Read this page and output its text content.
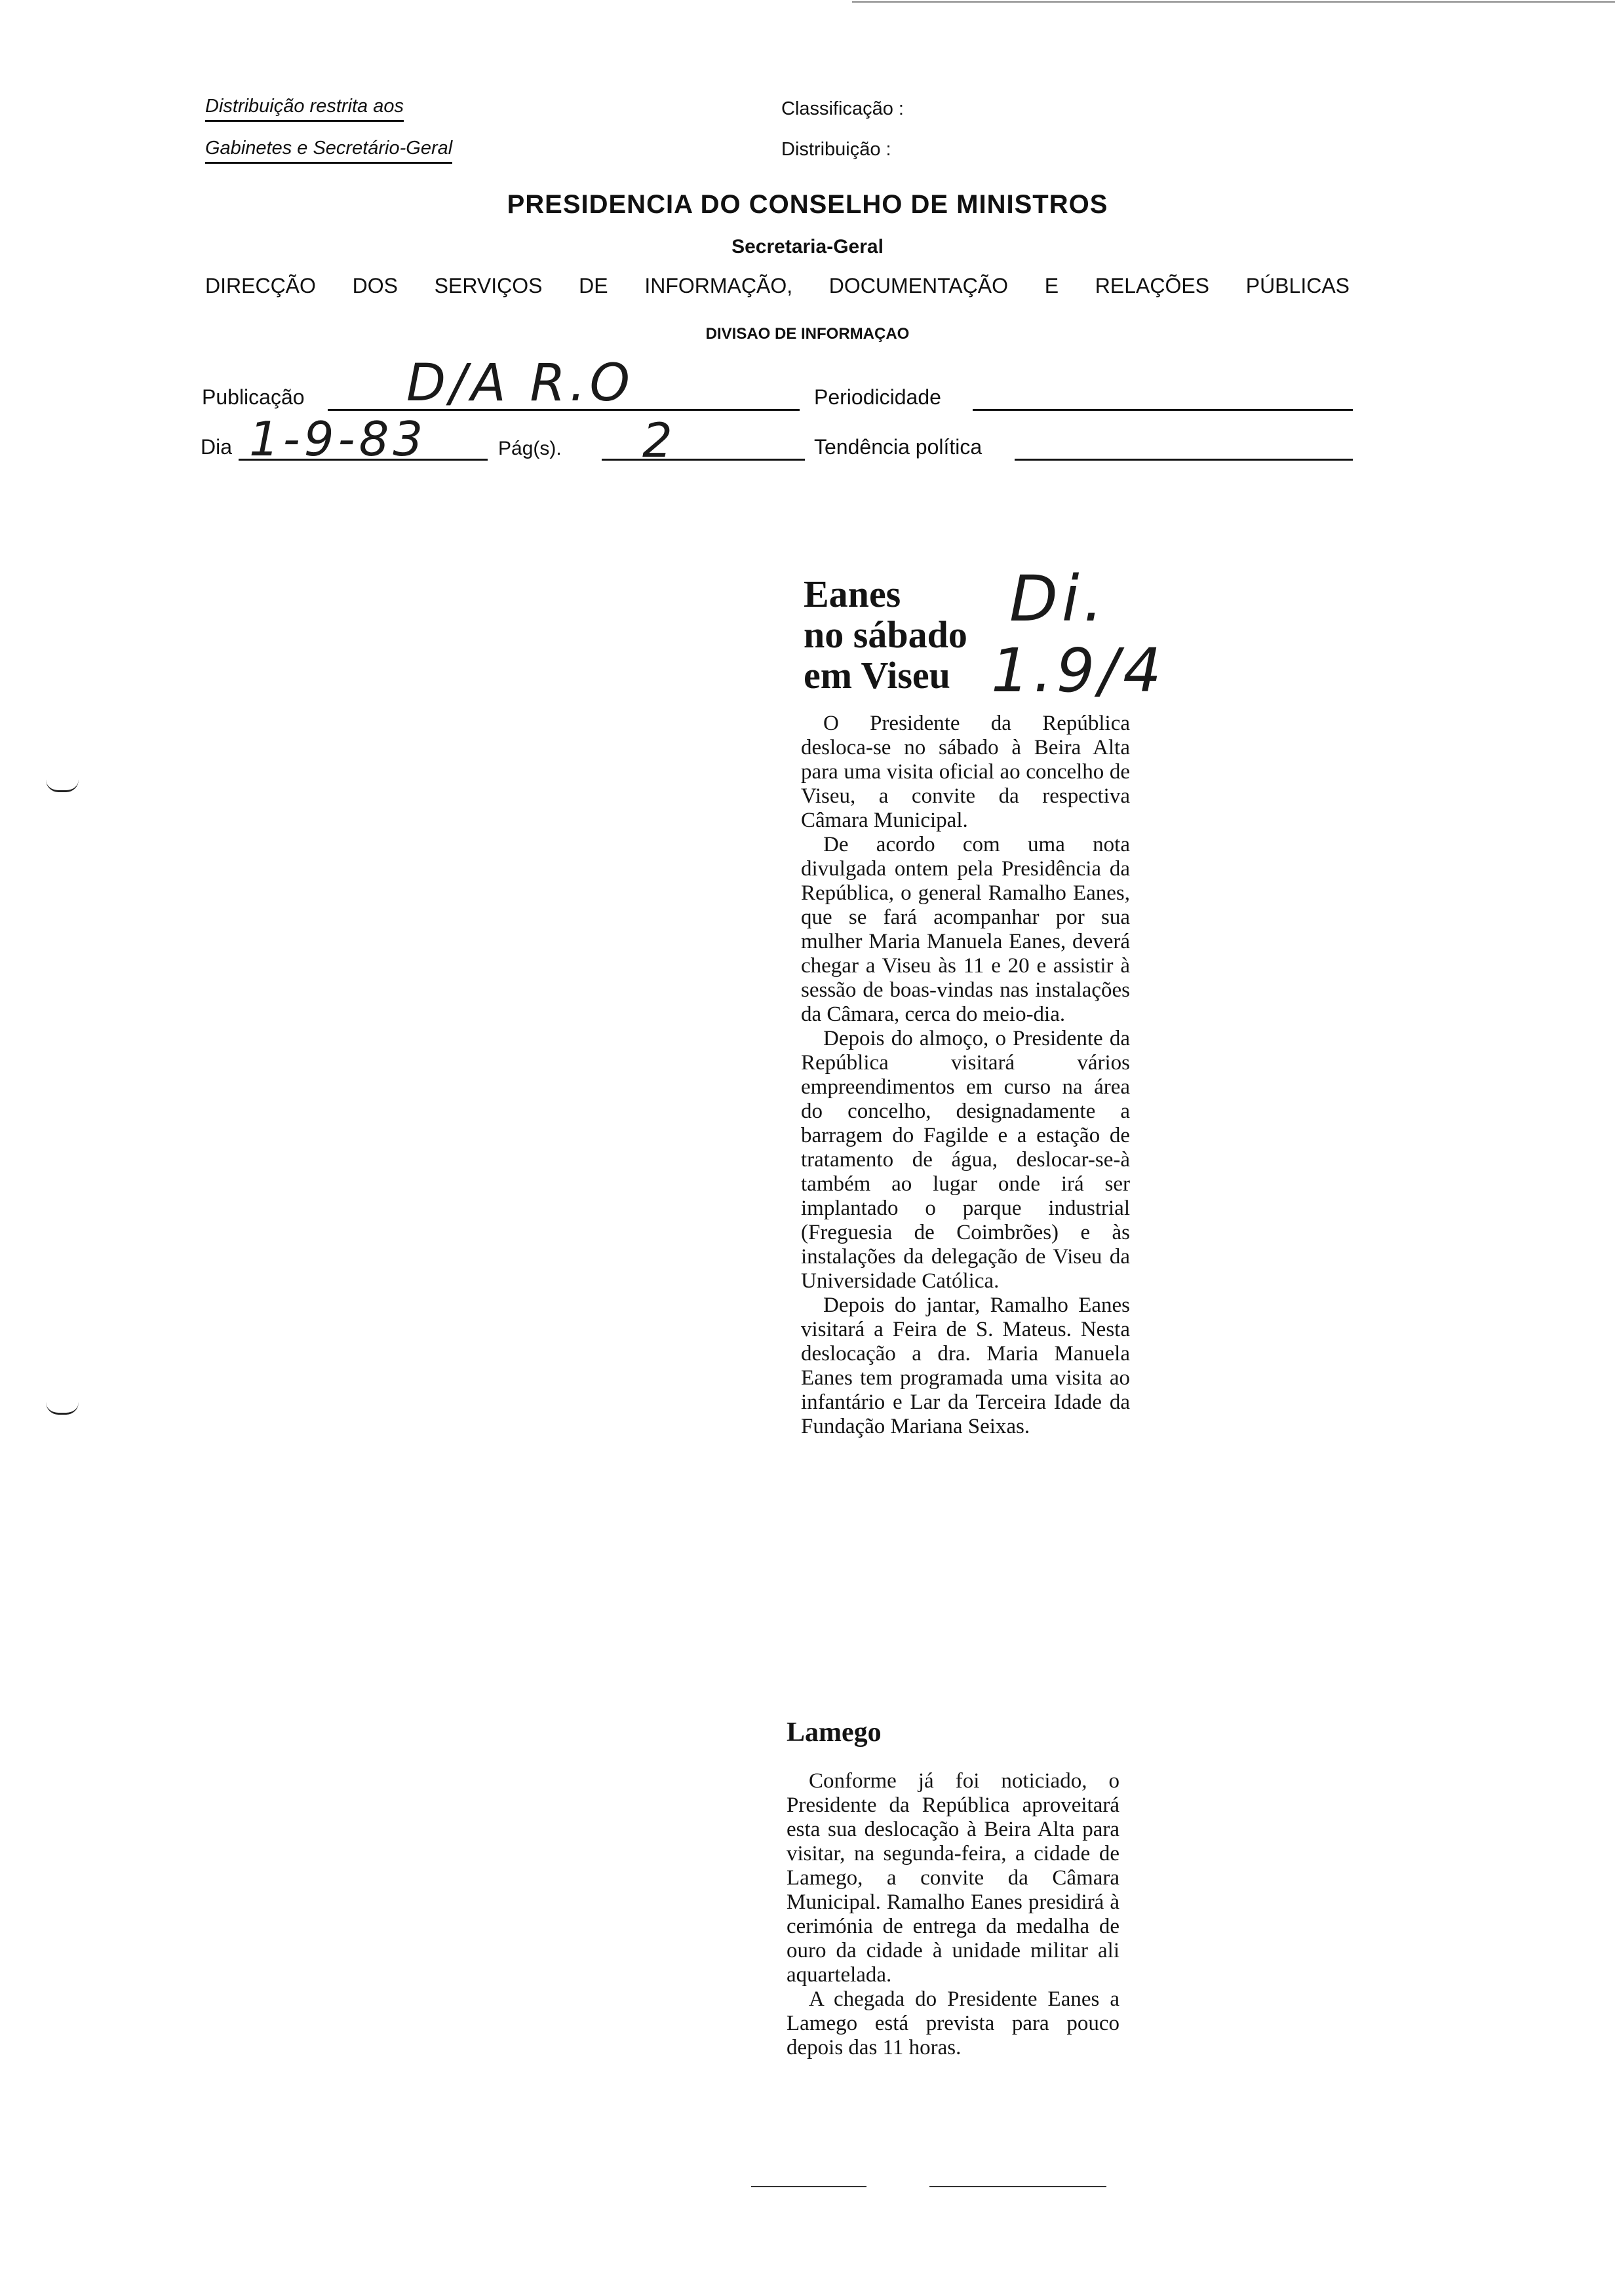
Distribuição restrita aos
Gabinetes e Secretário-Geral
Classificação :
Distribuição :
PRESIDENCIA DO CONSELHO DE MINISTROS
Secretaria-Geral
DIRECÇÃO DOS SERVIÇOS DE INFORMAÇÃO, DOCUMENTAÇÃO E RELAÇÕES PÚBLICAS
DIVISAO DE INFORMAÇAO
Publicação D/A R.O	Periodicidade
Dia 1-9-83	Pág(s). 2	Tendência política
Di.
1.9/4
Eanes
no sábado
em Viseu

O Presidente da República desloca-se no sábado à Beira Alta para uma visita oficial ao concelho de Viseu, a convite da respectiva Câmara Municipal.

De acordo com uma nota divulgada ontem pela Presidência da República, o general Ramalho Eanes, que se fará acompanhar por sua mulher Maria Manuela Eanes, deverá chegar a Viseu às 11 e 20 e assistir à sessão de boas-vindas nas instalações da Câmara, cerca do meio-dia.

Depois do almoço, o Presidente da República visitará vários empreendimentos em curso na área do concelho, designadamente a barragem do Fagilde e a estação de tratamento de água, deslocar-se-à também ao lugar onde irá ser implantado o parque industrial (Freguesia de Coimbrões) e às instalações da delegação de Viseu da Universidade Católica.

Depois do jantar, Ramalho Eanes visitará a Feira de S. Mateus. Nesta deslocação a dra. Maria Manuela Eanes tem programada uma visita ao infantário e Lar da Terceira Idade da Fundação Mariana Seixas.

Lamego

Conforme já foi noticiado, o Presidente da República aproveitará esta sua deslocação à Beira Alta para visitar, na segunda-feira, a cidade de Lamego, a convite da Câmara Municipal. Ramalho Eanes presidirá à cerimónia de entrega da medalha de ouro da cidade à unidade militar ali aquartelada.

A chegada do Presidente Eanes a Lamego está prevista para pouco depois das 11 horas.
